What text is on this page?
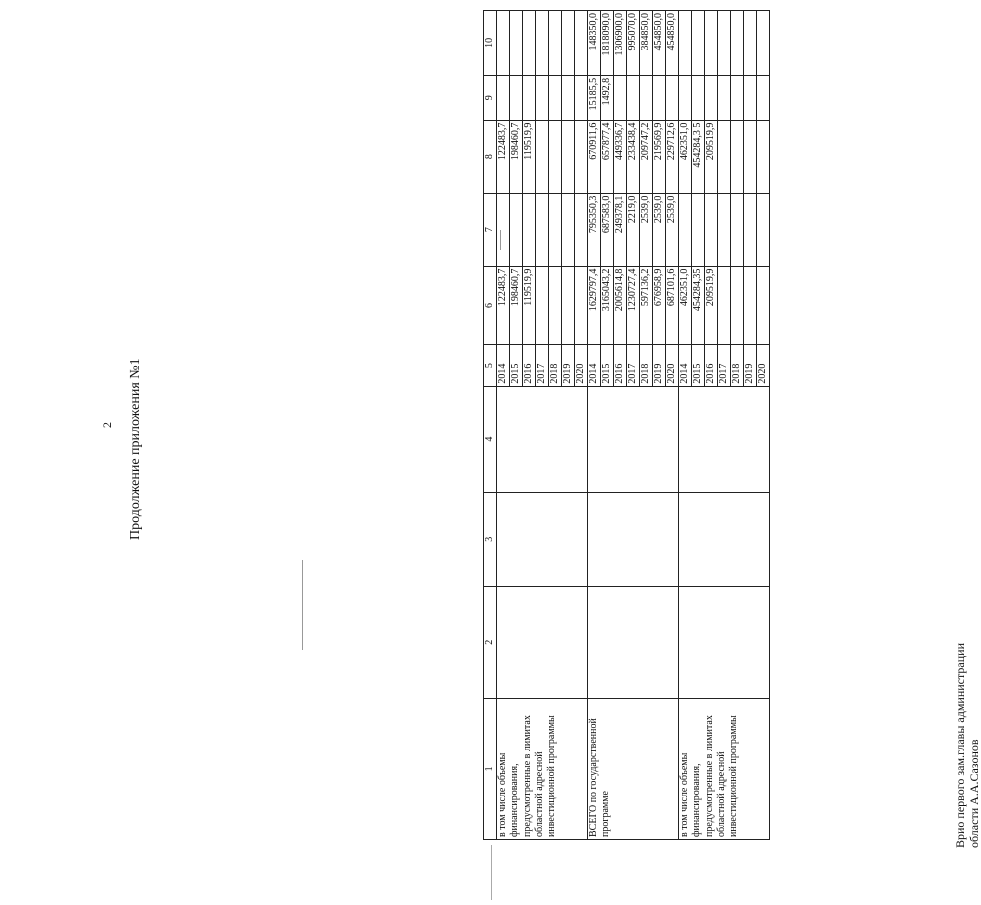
2 Продолжение приложения №1
1	2	3	4	5	6	7	8	9	10
в том числе объемы финансирования, предусмотренные в лимитах областной адресной инвестиционной программы				2014	122483,7		122483,7		
				2015	198460,7		198460,7		
				2016	119519,9		119519,9		
				2017					
				2018					
				2019					
				2020					
ВСЕГО по государственной программе				2014	1629797,4	795350,3	670911,6	15185,5	148350,0
				2015	3165043,2	687583,0	657877,4	1492,8	1818090,0
				2016	2005614,8	249378,1	449336,7		1306900,0
				2017	1230727,4	2219,0	233438,4		995070,0
				2018	597136,2	2539,0	209747,2		384850,0
				2019	676958,9	2539,0	219569,9		454850,0
				2020	687101,6	2539,0	229712,6		454850,0
в том числе объемы финансирования, предусмотренные в лимитах областной адресной инвестиционной программы				2014	462351,0		462351,0		
				2015	454284,35		454284,3 5		
				2016	209519,9		209519,9		
				2017					
				2018					
				2019					
				2020					
Врио первого зам.главы администрации области А.А.Сазонов
